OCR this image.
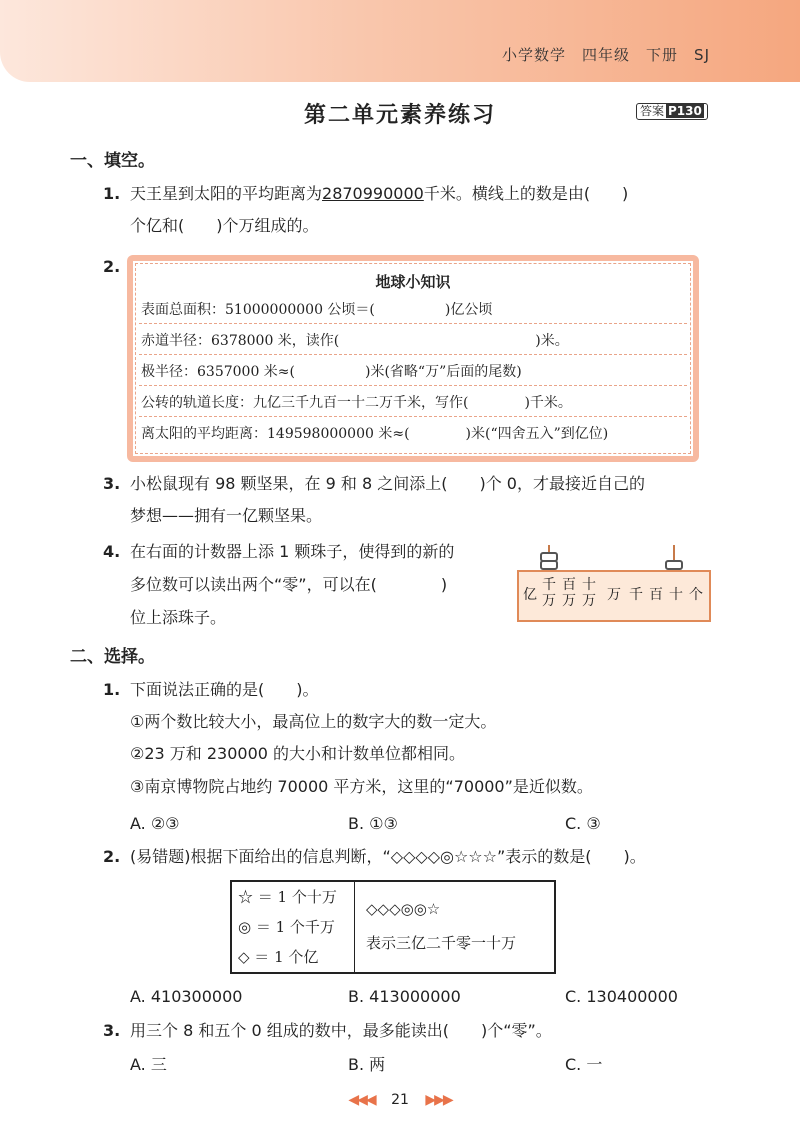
小学数学　四年级　下册　SJ
第二单元素养练习	答案 P130
一、填空。
1. 天王星到太阳的平均距离为2870990000千米。横线上的数是由(　　)
个亿和(　　)个万组成的。
2.
地球小知识
表面总面积：51000000000 公顷＝(　　　　　)亿公顷
赤道半径：6378000 米，读作(　　　　　　　　　　　　　　)米。
极半径：6357000 米≈(　　　　　)米(省略“万”后面的尾数)
公转的轨道长度：九亿三千九百一十二万千米，写作(　　　　)千米。
离太阳的平均距离：149598000000 米≈(　　　　)米(“四舍五入”到亿位)
3. 小松鼠现有 98 颗坚果，在 9 和 8 之间添上(　　)个 0，才最接近自己的
梦想——拥有一亿颗坚果。
4. 在右面的计数器上添 1 颗珠子，使得到的新的
多位数可以读出两个“零”，可以在(　　　　)
位上添珠子。
亿
千万
百万
十万 万 千 百 十 个
二、选择。
1. 下面说法正确的是(　　)。
①两个数比较大小，最高位上的数字大的数一定大。
②23 万和 230000 的大小和计数单位都相同。
③南京博物院占地约 70000 平方米，这里的“70000”是近似数。
A. ②③	B. ①③	C. ③
2. (易错题)根据下面给出的信息判断，“◇◇◇◇◎☆☆☆”表示的数是(　　)。
☆ ＝ 1 个十万
◎ ＝ 1 个千万
◇ ＝ 1 个亿
◇◇◇◎◎☆
表示三亿二千零一十万
A. 410300000	B. 413000000	C. 130400000
3. 用三个 8 和五个 0 组成的数中，最多能读出(　　)个“零”。
A. 三	B. 两	C. 一
◀◀◀ 21 ▶▶▶
